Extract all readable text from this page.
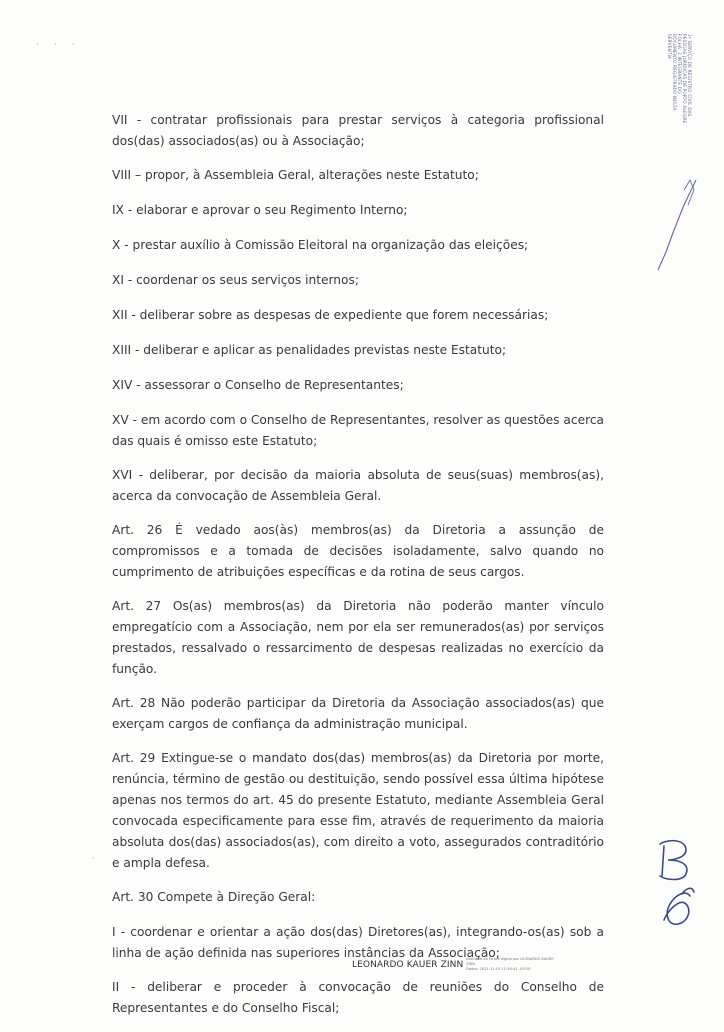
· · ·	1º SERVIÇO DE REGISTRO CIVIL DAS
PESSOAS JURÍDICAS DE PORTO ALEGRE
FOLHA: 2 INTEGRANTE DO
DOCUMENTO REGISTRADO NESTA
SERVENTIA

VII - contratar profissionais para prestar serviços à categoria profissional dos(das) associados(as) ou à Associação;

VIII – propor, à Assembleia Geral, alterações neste Estatuto;

IX - elaborar e aprovar o seu Regimento Interno;

X - prestar auxílio à Comissão Eleitoral na organização das eleições;

XI - coordenar os seus serviços internos;

XII - deliberar sobre as despesas de expediente que forem necessárias;

XIII - deliberar e aplicar as penalidades previstas neste Estatuto;

XIV - assessorar o Conselho de Representantes;

XV - em acordo com o Conselho de Representantes, resolver as questões acerca das quais é omisso este Estatuto;

XVI - deliberar, por decisão da maioria absoluta de seus(suas) membros(as), acerca da convocação de Assembleia Geral.

Art. 26 É vedado aos(às) membros(as) da Diretoria a assunção de compromissos e a tomada de decisões isoladamente, salvo quando no cumprimento de atribuições específicas e da rotina de seus cargos.

Art. 27 Os(as) membros(as) da Diretoria não poderão manter vínculo empregatício com a Associação, nem por ela ser remunerados(as) por serviços prestados, ressalvado o ressarcimento de despesas realizadas no exercício da função.

Art. 28 Não poderão participar da Diretoria da Associação associados(as) que exerçam cargos de confiança da administração municipal.

Art. 29 Extingue-se o mandato dos(das) membros(as) da Diretoria por morte, renúncia, término de gestão ou destituição, sendo possível essa última hipótese apenas nos termos do art. 45 do presente Estatuto, mediante Assembleia Geral convocada especificamente para esse fim, através de requerimento da maioria absoluta dos(das) associados(as), com direito a voto, assegurados contraditório e ampla defesa.

Art. 30 Compete à Direção Geral:

I - coordenar e orientar a ação dos(das) Diretores(as), integrando-os(as) sob a linha de ação definida nas superiores instâncias da Associação;

II - deliberar e proceder à convocação de reuniões do Conselho de Representantes e do Conselho Fiscal;

·
LEONARDO KAUER ZINN
Assinado de forma digital por LEONARDO KAUER
ZINN
Dados: 2021.11.19 11:56:41 -03'00'
